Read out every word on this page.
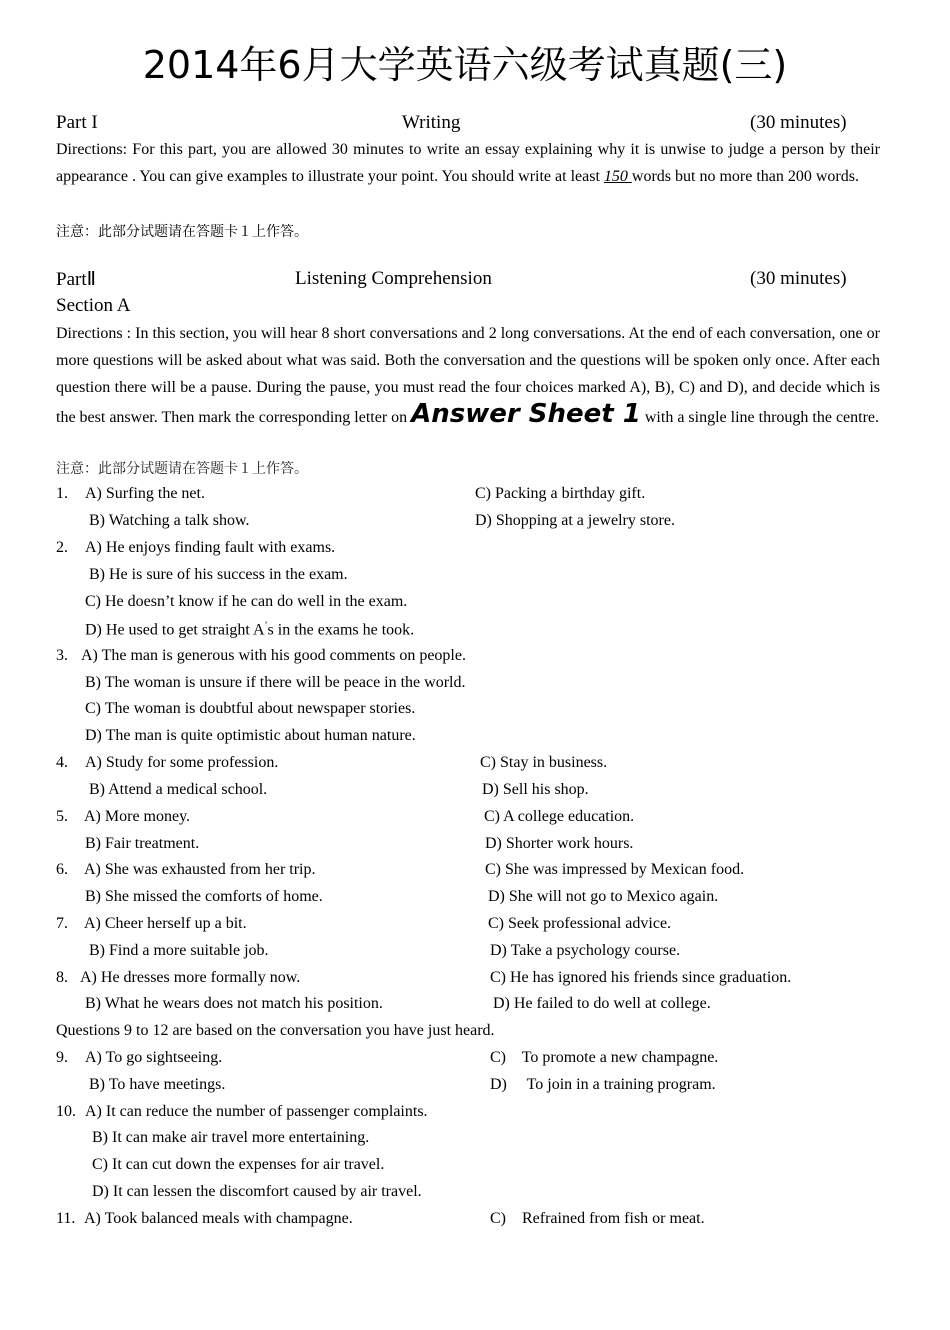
2014年6月大学英语六级考试真题(三)
Part I	Writing	(30 minutes)
Directions: For this part, you are allowed 30 minutes to write an essay explaining why it is unwise to judge a person by their appearance . You can give examples to illustrate your point. You should write at least 150 words but no more than 200 words.
注意：此部分试题请在答题卡１上作答。
PartⅡ	Listening Comprehension	(30 minutes)
Section A
Directions : In this section, you will hear 8 short conversations and 2 long conversations. At the end of each conversation, one or more questions will be asked about what was said. Both the conversation and the questions will be spoken only once. After each question there will be a pause. During the pause, you must read the four choices marked A), B), C) and D), and decide which is the best answer. Then mark the corresponding letter on Answer Sheet 1 with a single line through the centre.
注意：此部分试题请在答题卡１上作答。
1. A) Surfing the net.	C) Packing a birthday gift.
B) Watching a talk show.	D) Shopping at a jewelry store.
2. A) He enjoys finding fault with exams.
B) He is sure of his success in the exam.
C) He doesn’t know if he can do well in the exam.
D) He used to get straight A’s in the exams he took.
3. A) The man is generous with his good comments on people.
B) The woman is unsure if there will be peace in the world.
C) The woman is doubtful about newspaper stories.
D) The man is quite optimistic about human nature.
4. A) Study for some profession.	C) Stay in business.
B) Attend a medical school.	D) Sell his shop.
5. A) More money.	C) A college education.
B) Fair treatment.	D) Shorter work hours.
6. A) She was exhausted from her trip.	C) She was impressed by Mexican food.
B) She missed the comforts of home.	D) She will not go to Mexico again.
7. A) Cheer herself up a bit.	C) Seek professional advice.
B) Find a more suitable job.	D) Take a psychology course.
8. A) He dresses more formally now.	C) He has ignored his friends since graduation.
B) What he wears does not match his position.	D) He failed to do well at college.
Questions 9 to 12 are based on the conversation you have just heard.
9. A) To go sightseeing.	C)    To promote a new champagne.
B) To have meetings.	D)     To join in a training program.
10. A) It can reduce the number of passenger complaints.
B) It can make air travel more entertaining.
C) It can cut down the expenses for air travel.
D) It can lessen the discomfort caused by air travel.
11. A) Took balanced meals with champagne.	C)    Refrained from fish or meat.
